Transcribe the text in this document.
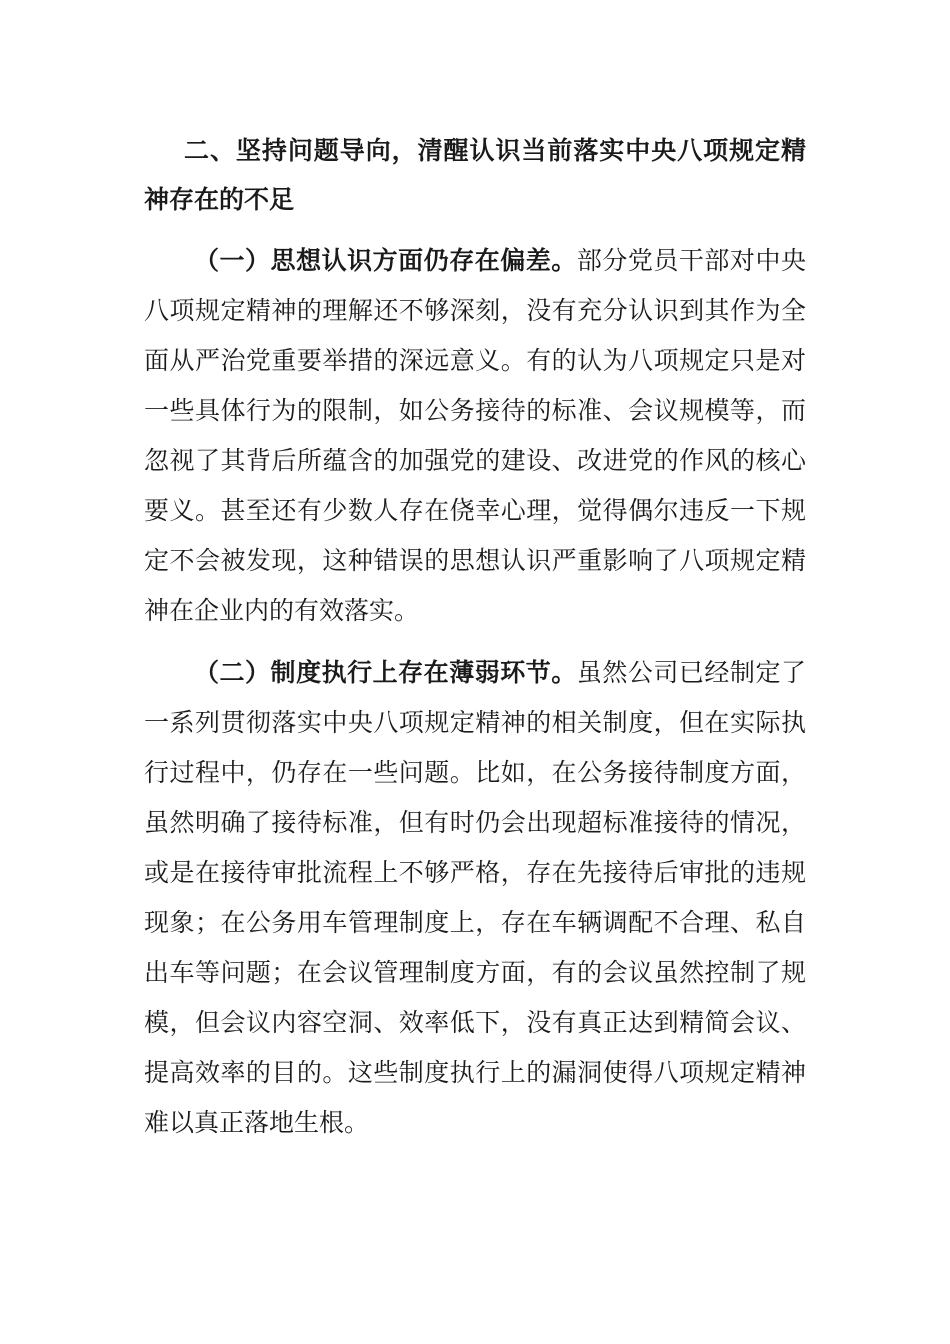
二、坚持问题导向，清醒认识当前落实中央八项规定精神存在的不足

（一）思想认识方面仍存在偏差。部分党员干部对中央八项规定精神的理解还不够深刻，没有充分认识到其作为全面从严治党重要举措的深远意义。有的认为八项规定只是对一些具体行为的限制，如公务接待的标准、会议规模等，而忽视了其背后所蕴含的加强党的建设、改进党的作风的核心要义。甚至还有少数人存在侥幸心理，觉得偶尔违反一下规定不会被发现，这种错误的思想认识严重影响了八项规定精神在企业内的有效落实。

（二）制度执行上存在薄弱环节。虽然公司已经制定了一系列贯彻落实中央八项规定精神的相关制度，但在实际执行过程中，仍存在一些问题。比如，在公务接待制度方面，虽然明确了接待标准，但有时仍会出现超标准接待的情况，或是在接待审批流程上不够严格，存在先接待后审批的违规现象；在公务用车管理制度上，存在车辆调配不合理、私自出车等问题；在会议管理制度方面，有的会议虽然控制了规模，但会议内容空洞、效率低下，没有真正达到精简会议、提高效率的目的。这些制度执行上的漏洞使得八项规定精神难以真正落地生根。
